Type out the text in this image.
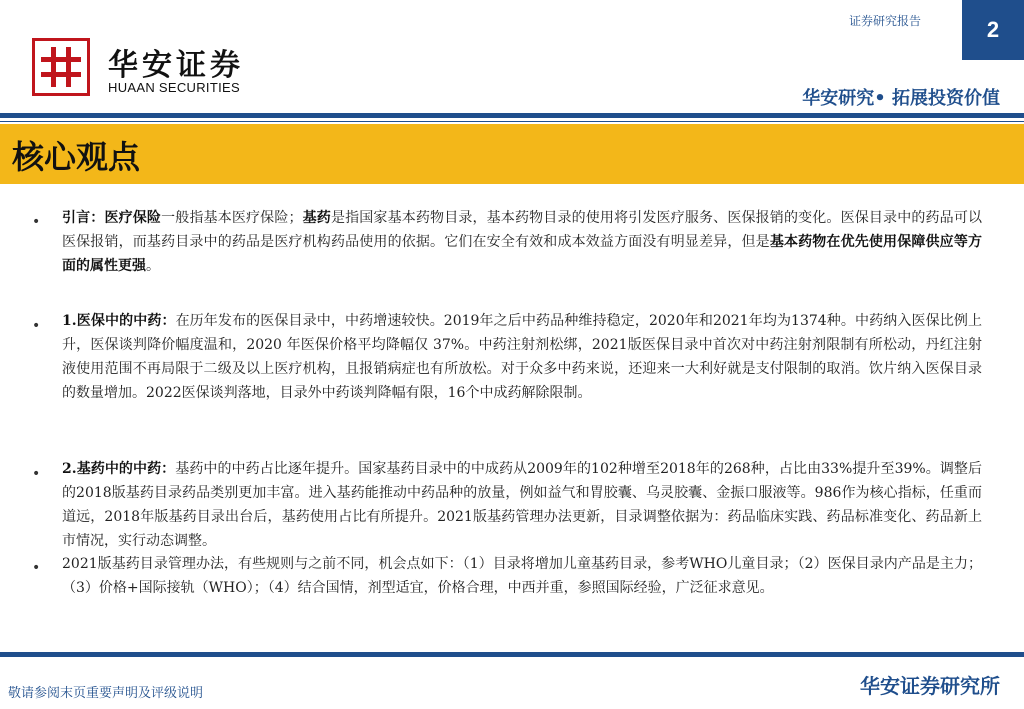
华安证券
HUAAN SECURITIES
证券研究报告	2
华安研究• 拓展投资价值
核心观点
• 引言：医疗保险一般指基本医疗保险；基药是指国家基本药物目录，基本药物目录的使用将引发医疗服务、医保报销的变化。医保目录中的药品可以医保报销，而基药目录中的药品是医疗机构药品使用的依据。它们在安全有效和成本效益方面没有明显差异，但是基本药物在优先使用保障供应等方面的属性更强。
• 1.医保中的中药：在历年发布的医保目录中，中药增速较快。2019年之后中药品种维持稳定，2020年和2021年均为1374种。中药纳入医保比例上升，医保谈判降价幅度温和，2020 年医保价格平均降幅仅 37%。中药注射剂松绑，2021版医保目录中首次对中药注射剂限制有所松动，丹红注射液使用范围不再局限于二级及以上医疗机构，且报销病症也有所放松。对于众多中药来说，还迎来一大利好就是支付限制的取消。饮片纳入医保目录的数量增加。2022医保谈判落地，目录外中药谈判降幅有限，16个中成药解除限制。
• 2.基药中的中药：基药中的中药占比逐年提升。国家基药目录中的中成药从2009年的102种增至2018年的268种，占比由33%提升至39%。调整后的2018版基药目录药品类别更加丰富。进入基药能推动中药品种的放量，例如益气和胃胶囊、乌灵胶囊、金振口服液等。986作为核心指标，任重而道远，2018年版基药目录出台后，基药使用占比有所提升。2021版基药管理办法更新，目录调整依据为：药品临床实践、药品标准变化、药品新上市情况，实行动态调整。
• 2021版基药目录管理办法，有些规则与之前不同，机会点如下：（1）目录将增加儿童基药目录，参考WHO儿童目录；（2）医保目录内产品是主力；（3）价格+国际接轨（WHO）；（4）结合国情，剂型适宜，价格合理，中西并重，参照国际经验，广泛征求意见。
敬请参阅末页重要声明及评级说明	华安证券研究所
